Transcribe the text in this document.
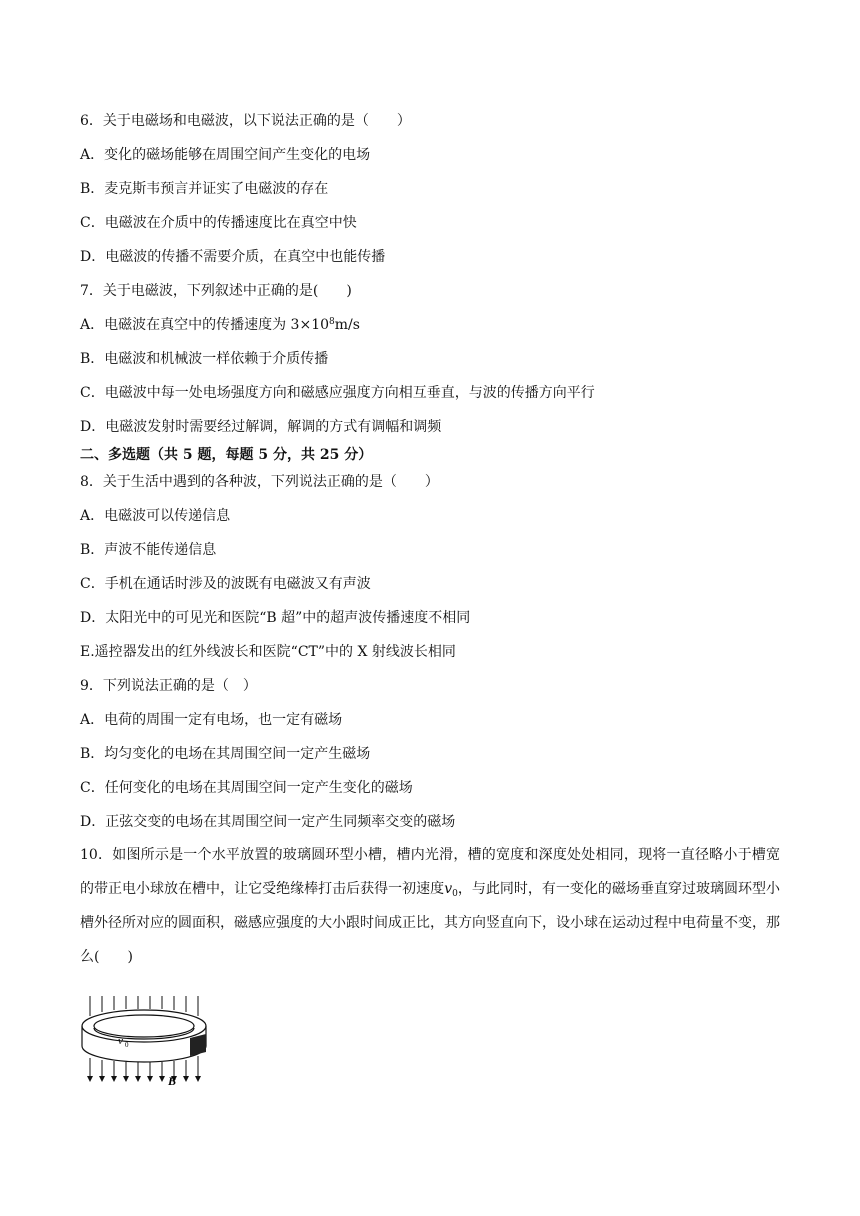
6．关于电磁场和电磁波，以下说法正确的是（　　）
A．变化的磁场能够在周围空间产生变化的电场
B．麦克斯韦预言并证实了电磁波的存在
C．电磁波在介质中的传播速度比在真空中快
D．电磁波的传播不需要介质，在真空中也能传播
7．关于电磁波，下列叙述中正确的是(　　)
A．电磁波在真空中的传播速度为 $3\times 10^8m/s$
B．电磁波和机械波一样依赖于介质传播
C．电磁波中每一处电场强度方向和磁感应强度方向相互垂直，与波的传播方向平行
D．电磁波发射时需要经过解调，解调的方式有调幅和调频
二、多选题（共 5 题，每题 5 分，共 25 分）
8．关于生活中遇到的各种波，下列说法正确的是（　　）
A．电磁波可以传递信息
B．声波不能传递信息
C．手机在通话时涉及的波既有电磁波又有声波
D．太阳光中的可见光和医院“B 超”中的超声波传播速度不相同
E.遥控器发出的红外线波长和医院“CT”中的 X 射线波长相同
9．下列说法正确的是（　）
A．电荷的周围一定有电场，也一定有磁场
B．均匀变化的电场在其周围空间一定产生磁场
C．任何变化的电场在其周围空间一定产生变化的磁场
D．正弦交变的电场在其周围空间一定产生同频率交变的磁场
10．如图所示是一个水平放置的玻璃圆环型小槽，槽内光滑，槽的宽度和深度处处相同，现将一直径略小于槽宽的带正电小球放在槽中，让它受绝缘棒打击后获得一初速度$v_0$，与此同时，有一变化的磁场垂直穿过玻璃圆环型小槽外径所对应的圆面积，磁感应强度的大小跟时间成正比，其方向竖直向下，设小球在运动过程中电荷量不变，那么(　　)
v 0
B
